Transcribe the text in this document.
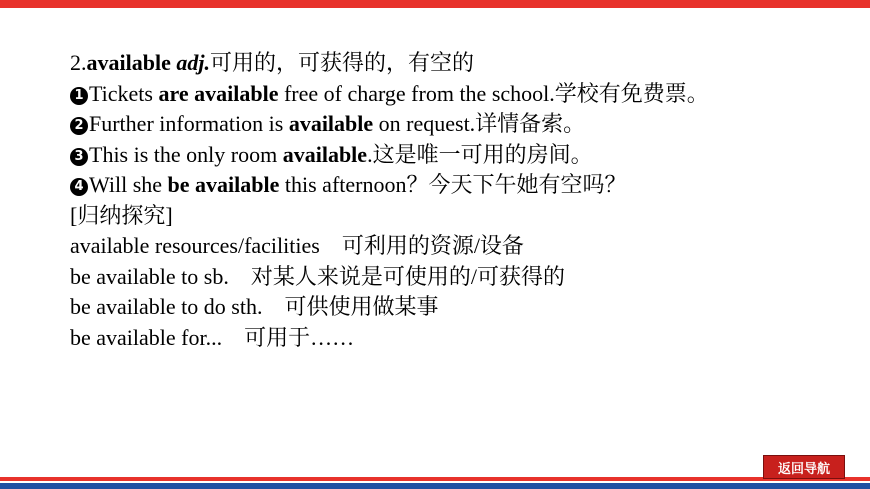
2.available adj.可用的，可获得的，有空的
1 Tickets are available free of charge from the school.学校有免费票。
2 Further information is available on request.详情备索。
3 This is the only room available.这是唯一可用的房间。
4 Will she be available this afternoon？今天下午她有空吗？
[归纳探究]
available resources/facilities　可利用的资源/设备
be available to sb.　对某人来说是可使用的/可获得的
be available to do sth.　可供使用做某事
be available for...　可用于……
返回导航
